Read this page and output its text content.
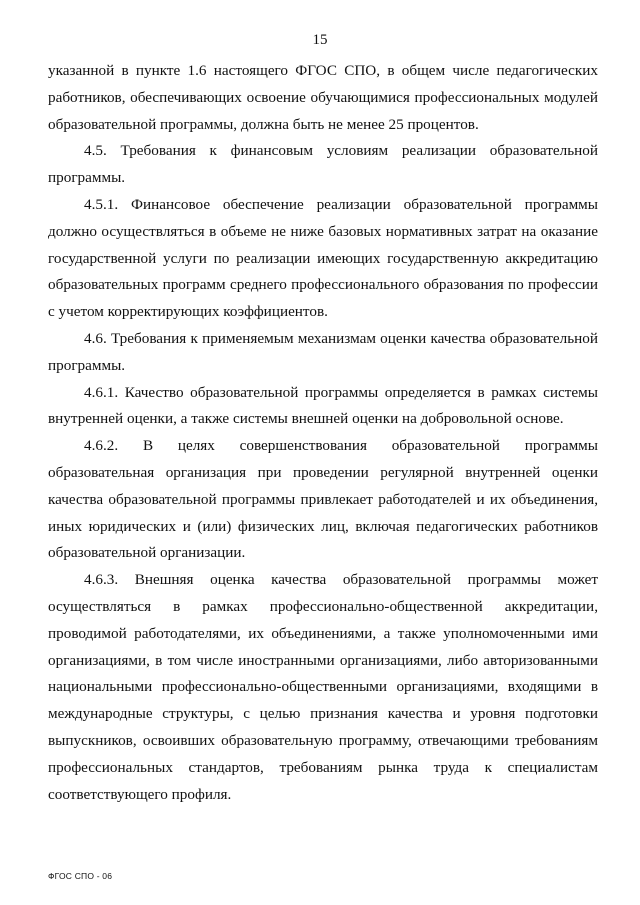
15

указанной в пункте 1.6 настоящего ФГОС СПО, в общем числе педагогических работников, обеспечивающих освоение обучающимися профессиональных модулей образовательной программы, должна быть не менее 25 процентов.

4.5. Требования к финансовым условиям реализации образовательной программы.

4.5.1. Финансовое обеспечение реализации образовательной программы должно осуществляться в объеме не ниже базовых нормативных затрат на оказание государственной услуги по реализации имеющих государственную аккредитацию образовательных программ среднего профессионального образования по профессии с учетом корректирующих коэффициентов.

4.6. Требования к применяемым механизмам оценки качества образовательной программы.

4.6.1. Качество образовательной программы определяется в рамках системы внутренней оценки, а также системы внешней оценки на добровольной основе.

4.6.2. В целях совершенствования образовательной программы образовательная организация при проведении регулярной внутренней оценки качества образовательной программы привлекает работодателей и их объединения, иных юридических и (или) физических лиц, включая педагогических работников образовательной организации.

4.6.3. Внешняя оценка качества образовательной программы может осуществляться в рамках профессионально-общественной аккредитации, проводимой работодателями, их объединениями, а также уполномоченными ими организациями, в том числе иностранными организациями, либо авторизованными национальными профессионально-общественными организациями, входящими в международные структуры, с целью признания качества и уровня подготовки выпускников, освоивших образовательную программу, отвечающими требованиям профессиональных стандартов, требованиям рынка труда к специалистам соответствующего профиля.

ФГОС СПО - 06
